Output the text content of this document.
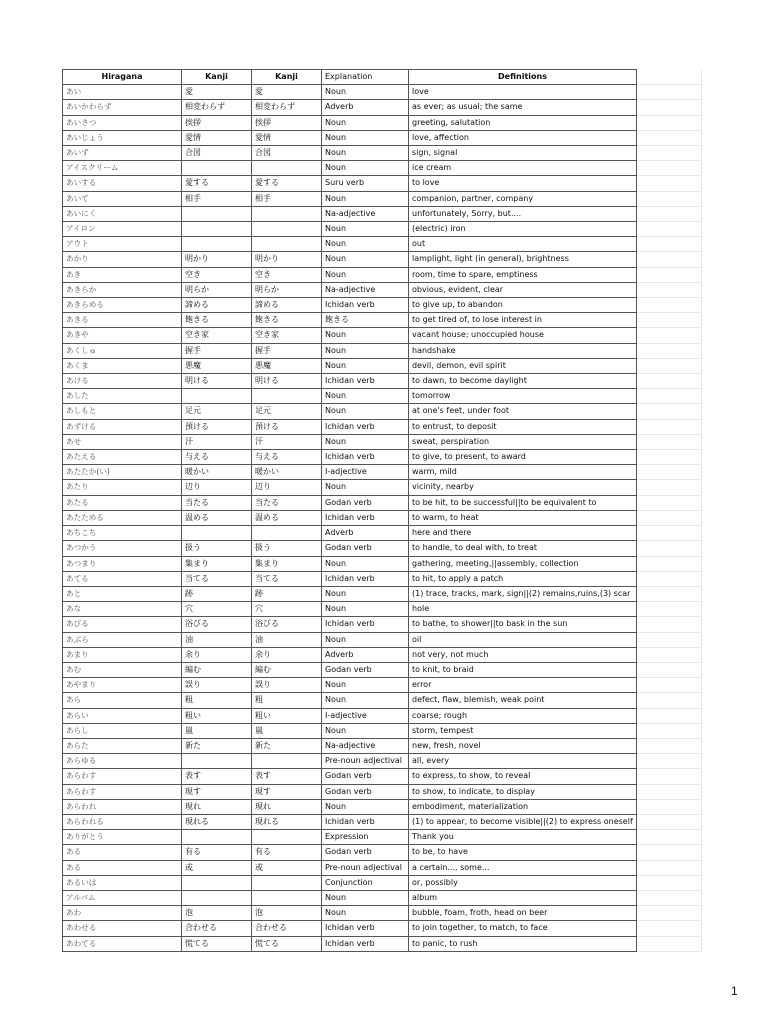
Hiragana	Kanji	Kanji	Explanation	Definitions	
あい	愛	愛	Noun	love	
あいかわらず	相変わらず	相変わらず	Adverb	as ever; as usual; the same	
あいさつ	挨拶	挨拶	Noun	greeting, salutation	
あいじょう	愛情	愛情	Noun	love, affection	
あいず	合図	合図	Noun	sign, signal	
アイスクリーム			Noun	ice cream	
あいする	愛する	愛する	Suru verb	to love	
あいて	相手	相手	Noun	companion, partner, company	
あいにく			Na-adjective	unfortunately, Sorry, but....	
アイロン			Noun	(electric) iron	
アウト			Noun	out	
あかり	明かり	明かり	Noun	lamplight, light (in general), brightness	
あき	空き	空き	Noun	room, time to spare, emptiness	
あきらか	明らか	明らか	Na-adjective	obvious, evident, clear	
あきらめる	諦める	諦める	Ichidan verb	to give up, to abandon	
あきる	飽きる	飽きる	飽きる	to get tired of, to lose interest in	
あきや	空き家	空き家	Noun	vacant house; unoccupied house	
あくしゅ	握手	握手	Noun	handshake	
あくま	悪魔	悪魔	Noun	devil, demon, evil spirit	
あける	明ける	明ける	Ichidan verb	to dawn, to become daylight	
あした			Noun	tomorrow	
あしもと	足元	足元	Noun	at one's feet, under foot	
あずける	預ける	預ける	Ichidan verb	to entrust, to deposit	
あせ	汗	汗	Noun	sweat, perspiration	
あたえる	与える	与える	Ichidan verb	to give, to present, to award	
あたたか(い)	暖かい	暖かい	I-adjective	warm, mild	
あたり	辺り	辺り	Noun	vicinity, nearby	
あたる	当たる	当たる	Godan verb	to be hit, to be successful||to be equivalent to	
あたためる	温める	温める	Ichidan verb	to warm, to heat	
あちこち			Adverb	here and there	
あつかう	扱う	扱う	Godan verb	to handle, to deal with, to treat	
あつまり	集まり	集まり	Noun	gathering, meeting,||assembly, collection	
あてる	当てる	当てる	Ichidan verb	to hit, to apply a patch	
あと	跡	跡	Noun	(1) trace, tracks, mark, sign||(2) remains,ruins,(3) scar	
あな	穴	穴	Noun	hole	
あびる	浴びる	浴びる	Ichidan verb	to bathe, to shower||to bask in the sun	
あぶら	油	油	Noun	oil	
あまり	余り	余り	Adverb	not very, not much	
あむ	編む	編む	Godan verb	to knit, to braid	
あやまり	誤り	誤り	Noun	error	
あら	粗	粗	Noun	defect, flaw, blemish, weak point	
あらい	粗い	粗い	I-adjective	coarse; rough	
あらし	嵐	嵐	Noun	storm, tempest	
あらた	新た	新た	Na-adjective	new, fresh, novel	
あらゆる			Pre-noun adjectival	all, every	
あらわす	表す	表す	Godan verb	to express, to show, to reveal	
あらわす	現す	現す	Godan verb	to show, to indicate, to display	
あらわれ	現れ	現れ	Noun	embodiment, materialization	
あらわれる	現れる	現れる	Ichidan verb	(1) to appear, to become visible||(2) to express oneself	
ありがとう			Expression	Thank you	
ある	有る	有る	Godan verb	to be, to have	
ある	或	或	Pre-noun adjectival	a certain..., some...	
あるいは			Conjunction	or, possibly	
アルバム			Noun	album	
あわ	泡	泡	Noun	bubble, foam, froth, head on beer	
あわせる	合わせる	合わせる	Ichidan verb	to join together, to match, to face	
あわてる	慌てる	慌てる	Ichidan verb	to panic, to rush	
1
